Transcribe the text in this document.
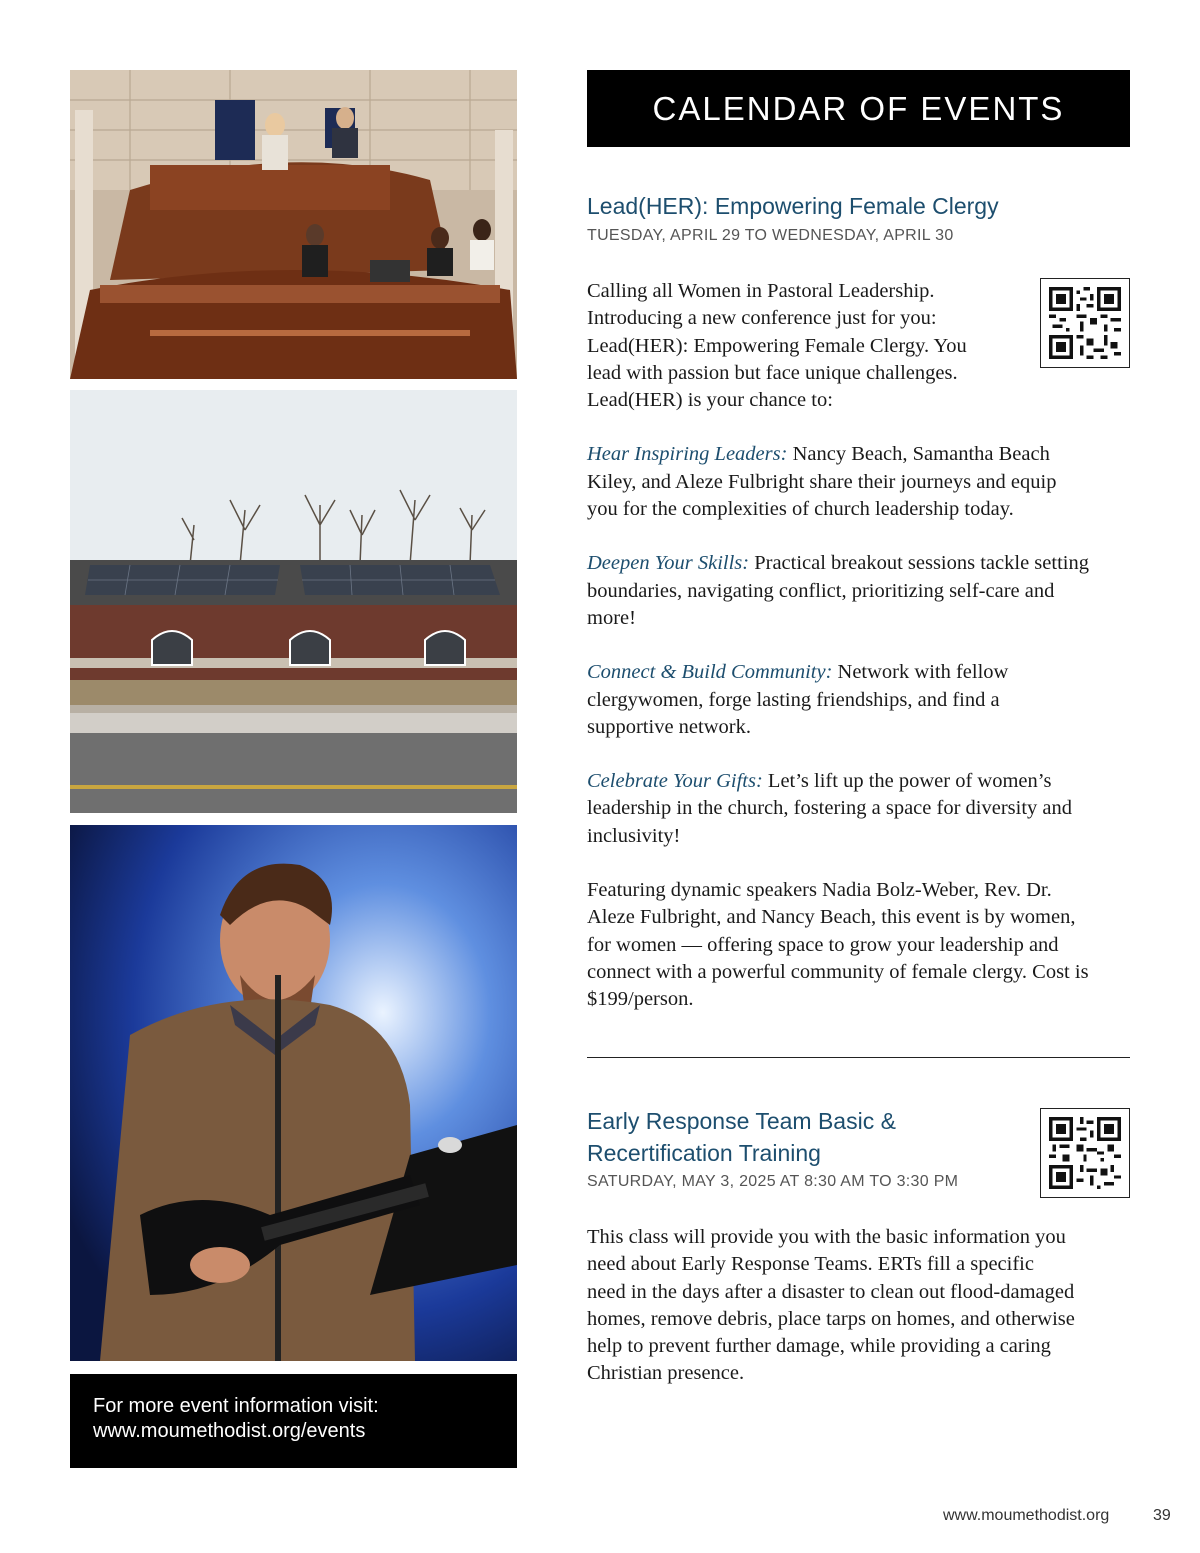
For more event information visit:
www.moumethodist.org/events
CALENDAR OF EVENTS
Lead(HER): Empowering Female Clergy
TUESDAY, APRIL 29 TO WEDNESDAY, APRIL 30
Calling all Women in Pastoral Leadership.
Introducing a new conference just for you:
Lead(HER): Empowering Female Clergy. You
lead with passion but face unique challenges.
Lead(HER) is your chance to:
Hear Inspiring Leaders: Nancy Beach, Samantha Beach
Kiley, and Aleze Fulbright share their journeys and equip
you for the complexities of church leadership today.
Deepen Your Skills: Practical breakout sessions tackle setting
boundaries, navigating conflict, prioritizing self-care and
more!
Connect & Build Community: Network with fellow
clergywomen, forge lasting friendships, and find a
supportive network.
Celebrate Your Gifts: Let’s lift up the power of women’s
leadership in the church, fostering a space for diversity and
inclusivity!
Featuring dynamic speakers Nadia Bolz-Weber, Rev. Dr.
Aleze Fulbright, and Nancy Beach, this event is by women,
for women — offering space to grow your leadership and
connect with a powerful community of female clergy. Cost is
$199/person.
Early Response Team Basic &
Recertification Training
SATURDAY, MAY 3, 2025 AT 8:30 AM TO 3:30 PM
This class will provide you with the basic information you
need about Early Response Teams. ERTs fill a specific
need in the days after a disaster to clean out flood-damaged
homes, remove debris, place tarps on homes, and otherwise
help to prevent further damage, while providing a caring
Christian presence.
www.moumethodist.org	39
